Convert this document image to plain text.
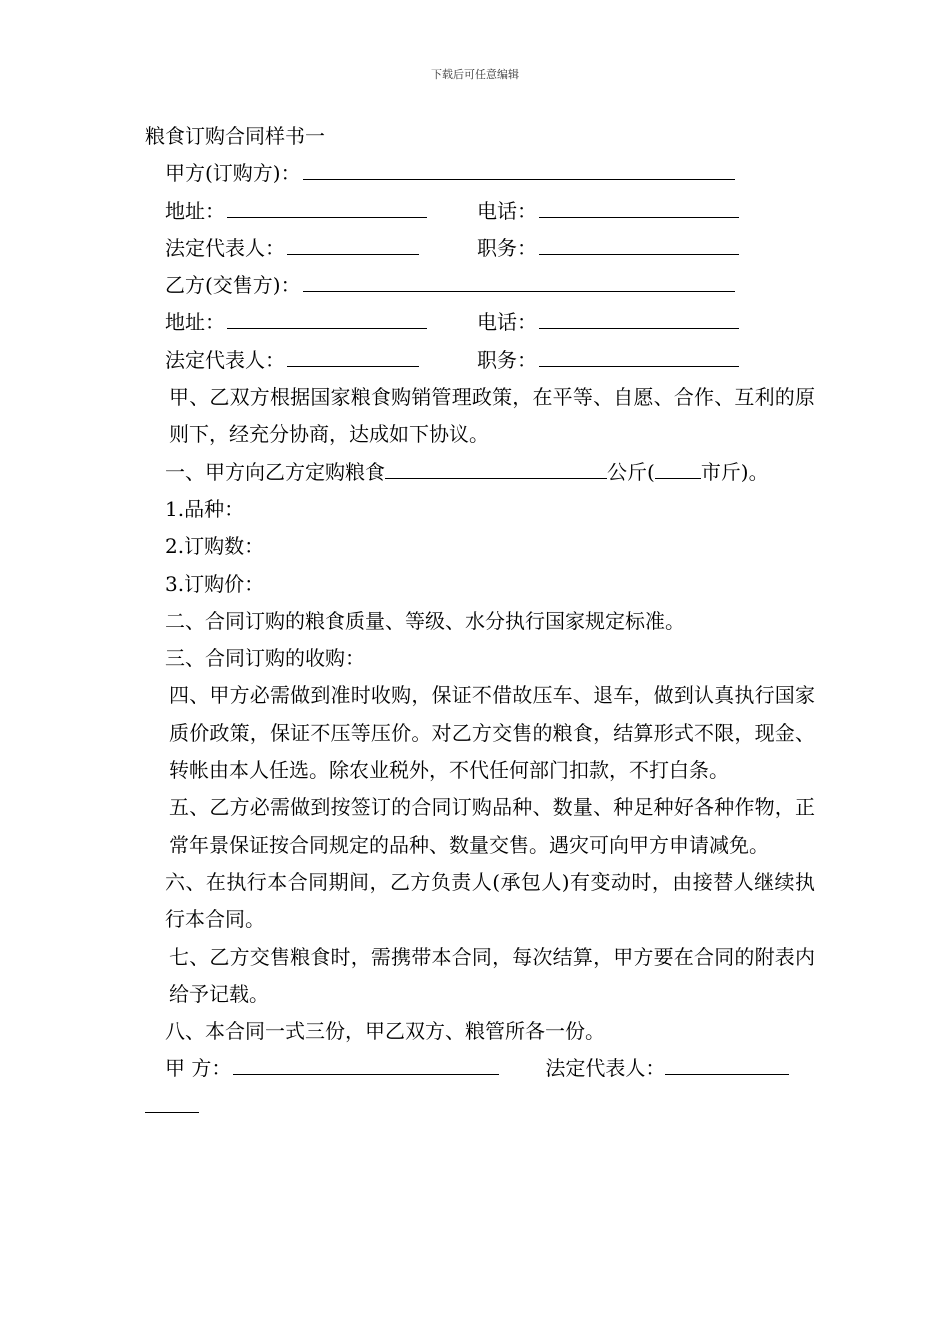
下载后可任意编辑
粮食订购合同样书一
甲方(订购方)：
地址：	电话：
法定代表人：	职务：
乙方(交售方)：
地址：	电话：
法定代表人：	职务：
甲、乙双方根据国家粮食购销管理政策，在平等、自愿、合作、互利的原则下，经充分协商，达成如下协议。
一、甲方向乙方定购粮食	公斤( 市斤)。
1.品种：
2.订购数：
3.订购价：
二、合同订购的粮食质量、等级、水分执行国家规定标准。
三、合同订购的收购：
四、甲方必需做到准时收购，保证不借故压车、退车，做到认真执行国家质价政策，保证不压等压价。对乙方交售的粮食，结算形式不限，现金、转帐由本人任选。除农业税外，不代任何部门扣款，不打白条。
五、乙方必需做到按签订的合同订购品种、数量、种足种好各种作物，正常年景保证按合同规定的品种、数量交售。遇灾可向甲方申请减免。
六、在执行本合同期间，乙方负责人(承包人)有变动时，由接替人继续执行本合同。
七、乙方交售粮食时，需携带本合同，每次结算，甲方要在合同的附表内给予记载。
八、本合同一式三份，甲乙双方、粮管所各一份。
甲 方：	法定代表人：
